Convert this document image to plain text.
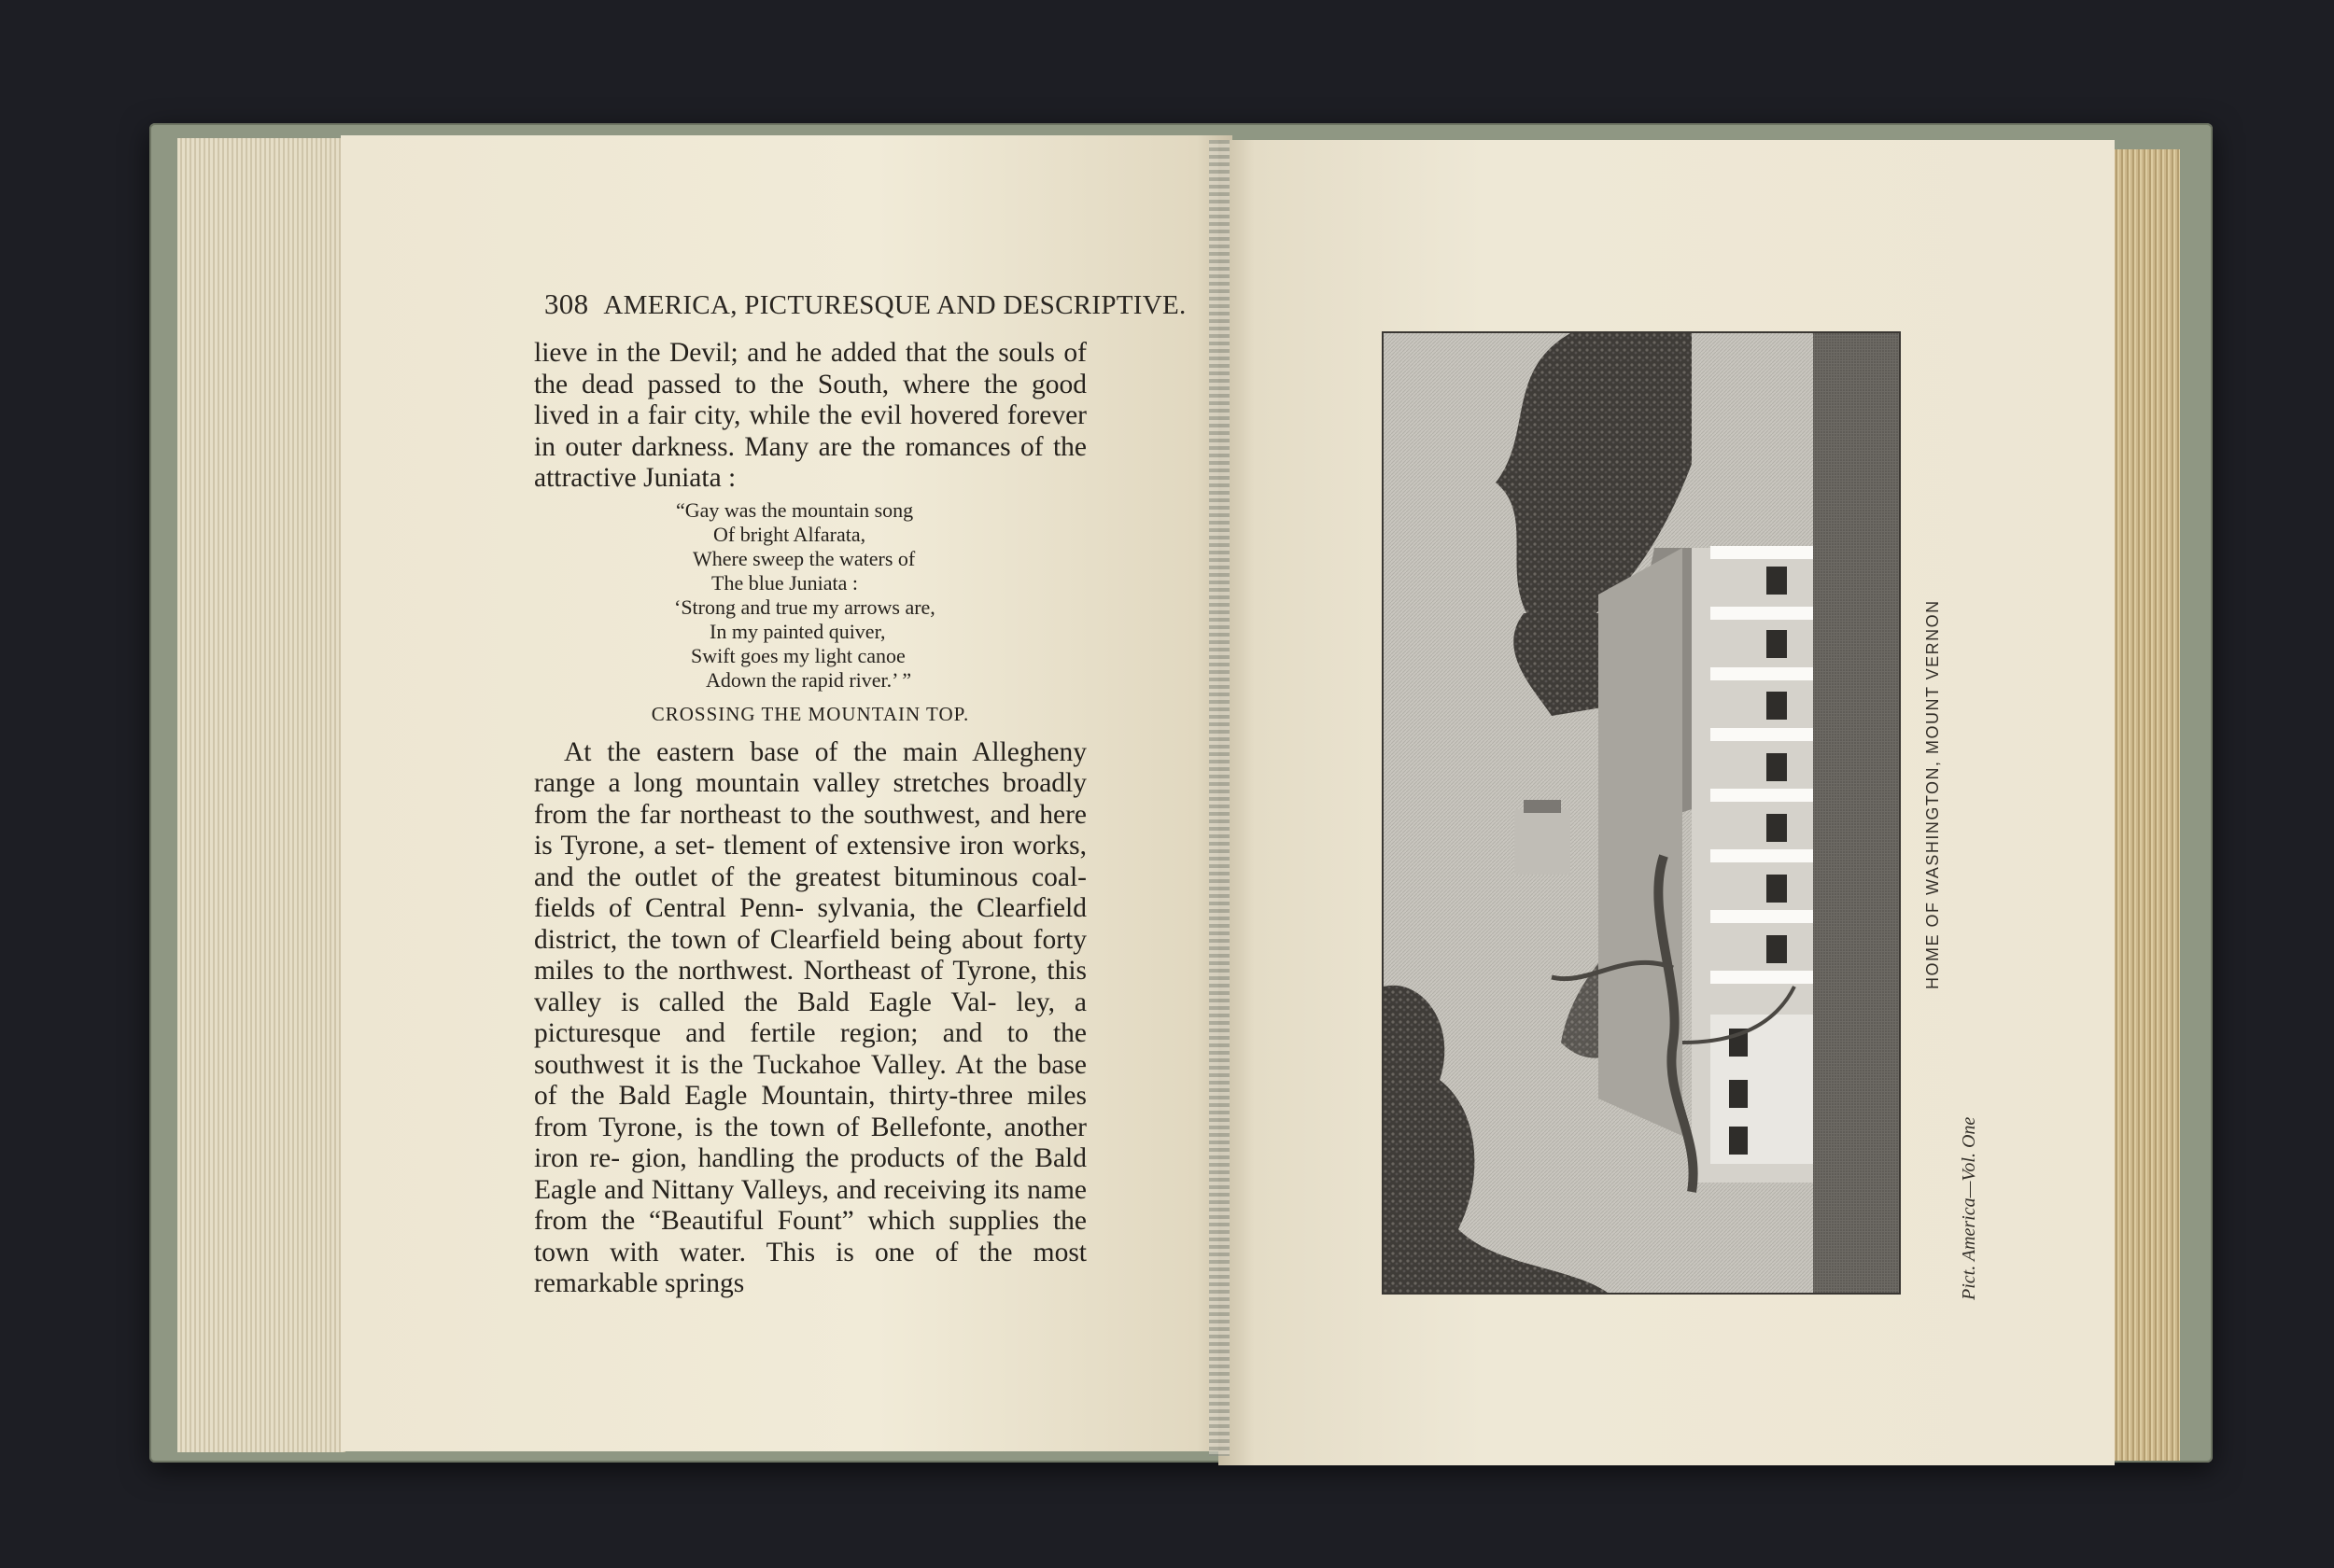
308 AMERICA, PICTURESQUE AND DESCRIPTIVE.

lieve in the Devil; and he added that the souls of the dead passed to the South, where the good lived in a fair city, while the evil hovered forever in outer darkness. Many are the romances of the attractive Juniata :

“Gay was the mountain song
Of bright Alfarata,
Where sweep the waters of
The blue Juniata :
‘Strong and true my arrows are,
In my painted quiver,
Swift goes my light canoe
Adown the rapid river.’ ”
CROSSING THE MOUNTAIN TOP.

At the eastern base of the main Allegheny range a long mountain valley stretches broadly from the far northeast to the southwest, and here is Tyrone, a set- tlement of extensive iron works, and the outlet of the greatest bituminous coal-fields of Central Penn- sylvania, the Clearfield district, the town of Clearfield being about forty miles to the northwest. Northeast of Tyrone, this valley is called the Bald Eagle Val- ley, a picturesque and fertile region; and to the southwest it is the Tuckahoe Valley. At the base of the Bald Eagle Mountain, thirty-three miles from Tyrone, is the town of Bellefonte, another iron re- gion, handling the products of the Bald Eagle and Nittany Valleys, and receiving its name from the “Beautiful Fount” which supplies the town with water. This is one of the most remarkable springs

HOME OF WASHINGTON, MOUNT VERNON
Pict. America—Vol. One
